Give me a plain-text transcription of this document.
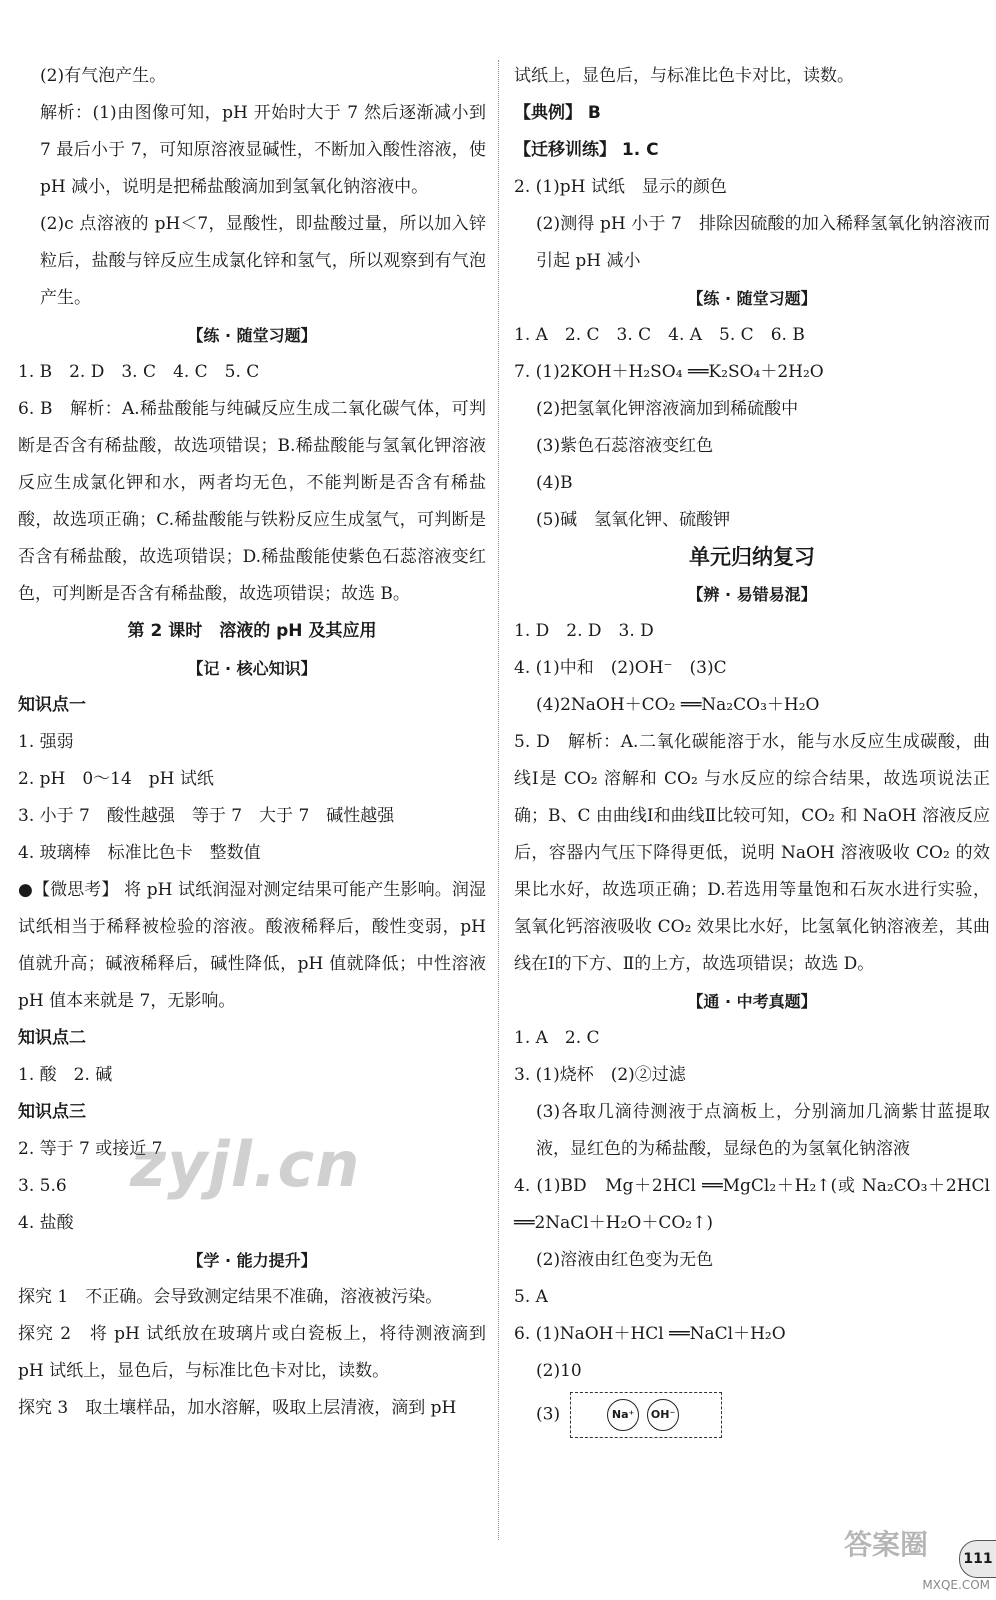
(2)有气泡产生。
解析：(1)由图像可知，pH 开始时大于 7 然后逐渐减小到 7 最后小于 7，可知原溶液显碱性，不断加入酸性溶液，使 pH 减小，说明是把稀盐酸滴加到氢氧化钠溶液中。
(2)c 点溶液的 pH＜7，显酸性，即盐酸过量，所以加入锌粒后，盐酸与锌反应生成氯化锌和氢气，所以观察到有气泡产生。
【练 · 随堂习题】
1. B　2. D　3. C　4. C　5. C
6. B　解析：A.稀盐酸能与纯碱反应生成二氧化碳气体，可判断是否含有稀盐酸，故选项错误；B.稀盐酸能与氢氧化钾溶液反应生成氯化钾和水，两者均无色，不能判断是否含有稀盐酸，故选项正确；C.稀盐酸能与铁粉反应生成氢气，可判断是否含有稀盐酸，故选项错误；D.稀盐酸能使紫色石蕊溶液变红色，可判断是否含有稀盐酸，故选项错误；故选 B。
第 2 课时　溶液的 pH 及其应用
【记 · 核心知识】
知识点一
1. 强弱
2. pH　0～14　pH 试纸
3. 小于 7　酸性越强　等于 7　大于 7　碱性越强
4. 玻璃棒　标准比色卡　整数值
●【微思考】 将 pH 试纸润湿对测定结果可能产生影响。润湿试纸相当于稀释被检验的溶液。酸液稀释后，酸性变弱，pH 值就升高；碱液稀释后，碱性降低，pH 值就降低；中性溶液 pH 值本来就是 7，无影响。
知识点二
1. 酸　2. 碱
知识点三
2. 等于 7 或接近 7
3. 5.6
4. 盐酸
【学 · 能力提升】
探究 1　不正确。会导致测定结果不准确，溶液被污染。
探究 2　将 pH 试纸放在玻璃片或白瓷板上，将待测液滴到 pH 试纸上，显色后，与标准比色卡对比，读数。
探究 3　取土壤样品，加水溶解，吸取上层清液，滴到 pH
试纸上，显色后，与标准比色卡对比，读数。
【典例】 B
【迁移训练】 1. C
2. (1)pH 试纸　显示的颜色
(2)测得 pH 小于 7　排除因硫酸的加入稀释氢氧化钠溶液而引起 pH 减小
【练 · 随堂习题】
1. A　2. C　3. C　4. A　5. C　6. B
7. (1)2KOH＋H₂SO₄ ══K₂SO₄＋2H₂O
(2)把氢氧化钾溶液滴加到稀硫酸中
(3)紫色石蕊溶液变红色
(4)B
(5)碱　氢氧化钾、硫酸钾
单元归纳复习
【辨 · 易错易混】
1. D　2. D　3. D
4. (1)中和　(2)OH⁻　(3)C
(4)2NaOH＋CO₂ ══Na₂CO₃＋H₂O
5. D　解析：A.二氧化碳能溶于水，能与水反应生成碳酸，曲线Ⅰ是 CO₂ 溶解和 CO₂ 与水反应的综合结果，故选项说法正确；B、C 由曲线Ⅰ和曲线Ⅱ比较可知，CO₂ 和 NaOH 溶液反应后，容器内气压下降得更低，说明 NaOH 溶液吸收 CO₂ 的效果比水好，故选项正确；D.若选用等量饱和石灰水进行实验，氢氧化钙溶液吸收 CO₂ 效果比水好，比氢氧化钠溶液差，其曲线在Ⅰ的下方、Ⅱ的上方，故选项错误；故选 D。
【通 · 中考真题】
1. A　2. C
3. (1)烧杯　(2)②过滤
(3)各取几滴待测液于点滴板上，分别滴加几滴紫甘蓝提取液，显红色的为稀盐酸，显绿色的为氢氧化钠溶液
4. (1)BD　Mg＋2HCl ══MgCl₂＋H₂↑(或 Na₂CO₃＋2HCl ══2NaCl＋H₂O＋CO₂↑)
(2)溶液由红色变为无色
5. A
6. (1)NaOH＋HCl ══NaCl＋H₂O
(2)10
(3)	Na⁺	OH⁻
zyjl.cn
答案圈	111
MXQE.COM
